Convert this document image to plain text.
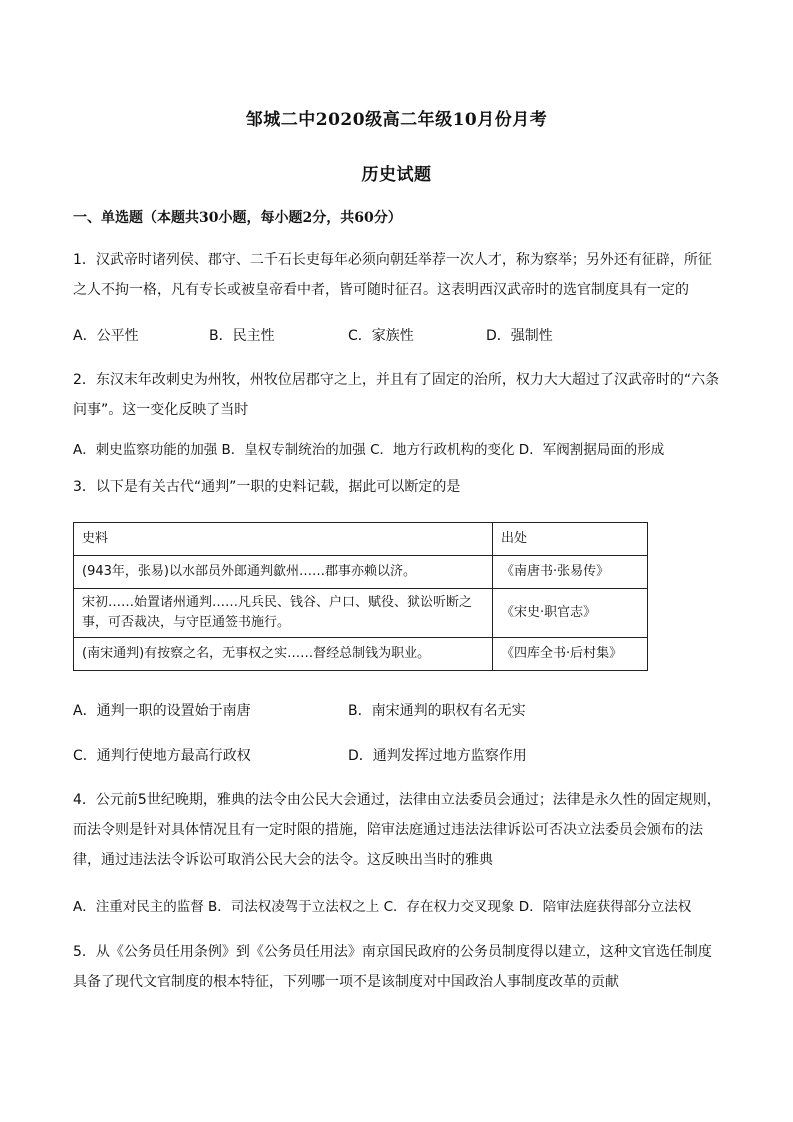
邹城二中2020级高二年级10月份月考
历史试题
一、单选题（本题共30小题，每小题2分，共60分）
1．汉武帝时诸列侯、郡守、二千石长吏每年必须向朝廷举荐一次人才，称为察举；另外还有征辟，所征之人不拘一格，凡有专长或被皇帝看中者，皆可随时征召。这表明西汉武帝时的选官制度具有一定的
A．公平性	B．民主性	C．家族性	D．强制性
2．东汉末年改刺史为州牧，州牧位居郡守之上，并且有了固定的治所，权力大大超过了汉武帝时的“六条问事”。这一变化反映了当时
A．刺史监察功能的加强 B．皇权专制统治的加强 C．地方行政机构的变化 D．军阀割据局面的形成
3．以下是有关古代“通判”一职的史料记载，据此可以断定的是
史料	出处
(943年，张易)以水部员外郎通判歙州……郡事亦赖以济。	《南唐书·张易传》
宋初……始置诸州通判……凡兵民、钱谷、户口、赋役、狱讼听断之事，可否裁决，与守臣通签书施行。	《宋史·职官志》
(南宋通判)有按察之名，无事权之实……督经总制钱为职业。	《四库全书·后村集》
A．通判一职的设置始于南唐	B．南宋通判的职权有名无实
C．通判行使地方最高行政权	D．通判发挥过地方监察作用
4．公元前5世纪晚期，雅典的法令由公民大会通过，法律由立法委员会通过；法律是永久性的固定规则，而法令则是针对具体情况且有一定时限的措施，陪审法庭通过违法法律诉讼可否决立法委员会颁布的法律，通过违法法令诉讼可取消公民大会的法令。这反映出当时的雅典
A．注重对民主的监督 B．司法权凌驾于立法权之上 C．存在权力交叉现象 D．陪审法庭获得部分立法权
5．从《公务员任用条例》到《公务员任用法》南京国民政府的公务员制度得以建立，这种文官选任制度具备了现代文官制度的根本特征，下列哪一项不是该制度对中国政治人事制度改革的贡献
